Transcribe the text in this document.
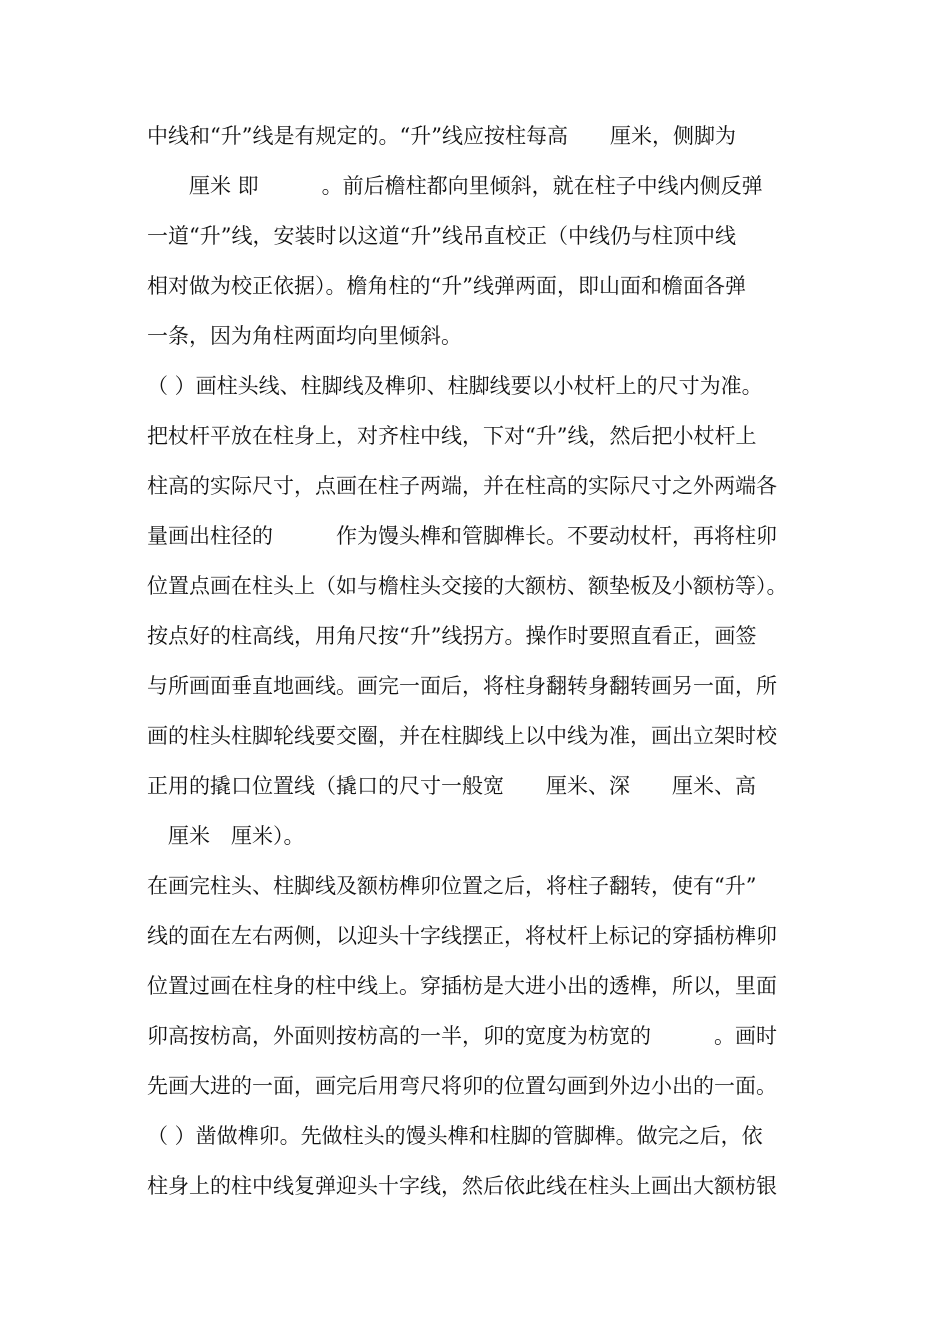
中线和“升”线是有规定的。“升”线应按柱每高　　厘米，侧脚为
　　厘米 即　　　。前后檐柱都向里倾斜，就在柱子中线内侧反弹
一道“升”线，安装时以这道“升”线吊直校正（中线仍与柱顶中线
相对做为校正依据）。檐角柱的“升”线弹两面，即山面和檐面各弹
一条，因为角柱两面均向里倾斜。
（ ）画柱头线、柱脚线及榫卯、柱脚线要以小杖杆上的尺寸为准。
把杖杆平放在柱身上，对齐柱中线，下对“升”线，然后把小杖杆上
柱高的实际尺寸，点画在柱子两端，并在柱高的实际尺寸之外两端各
量画出柱径的　　　作为馒头榫和管脚榫长。不要动杖杆，再将柱卯
位置点画在柱头上（如与檐柱头交接的大额枋、额垫板及小额枋等）。
按点好的柱高线，用角尺按“升”线拐方。操作时要照直看正，画签
与所画面垂直地画线。画完一面后，将柱身翻转身翻转画另一面，所
画的柱头柱脚轮线要交圈，并在柱脚线上以中线为准，画出立架时校
正用的撬口位置线（撬口的尺寸一般宽　　厘米、深　　厘米、高
　厘米　厘米）。
在画完柱头、柱脚线及额枋榫卯位置之后，将柱子翻转，使有“升”
线的面在左右两侧，以迎头十字线摆正，将杖杆上标记的穿插枋榫卯
位置过画在柱身的柱中线上。穿插枋是大进小出的透榫，所以，里面
卯高按枋高，外面则按枋高的一半，卯的宽度为枋宽的　　　。画时
先画大进的一面，画完后用弯尺将卯的位置勾画到外边小出的一面。
（ ）凿做榫卯。先做柱头的馒头榫和柱脚的管脚榫。做完之后，依
柱身上的柱中线复弹迎头十字线，然后依此线在柱头上画出大额枋银
